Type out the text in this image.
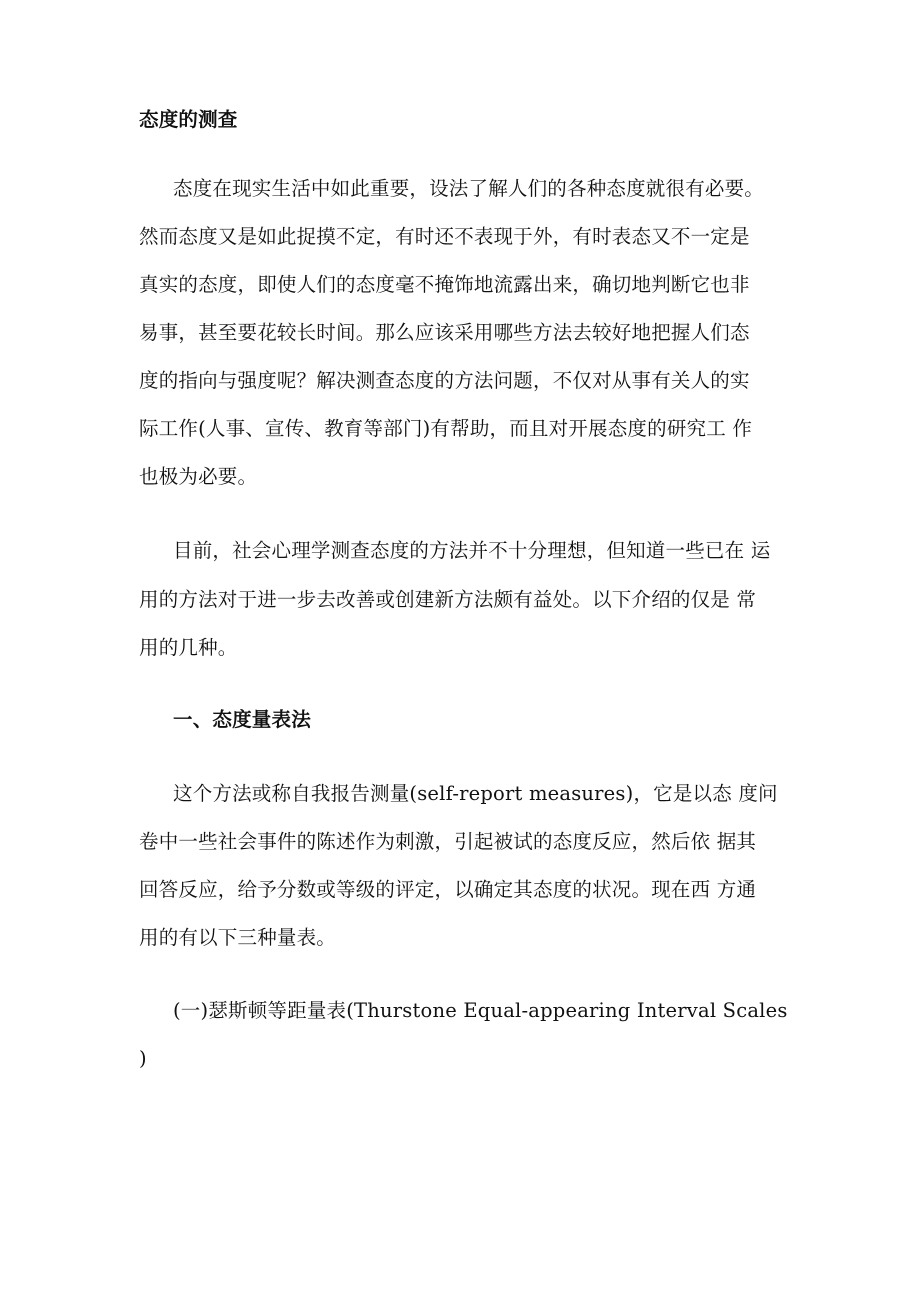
态度的测查
态度在现实生活中如此重要，设法了解人们的各种态度就很有必要。
然而态度又是如此捉摸不定，有时还不表现于外，有时表态又不一定是
真实的态度，即使人们的态度毫不掩饰地流露出来，确切地判断它也非
易事，甚至要花较长时间。那么应该采用哪些方法去较好地把握人们态
度的指向与强度呢？解决测查态度的方法问题，不仅对从事有关人的实
际工作(人事、宣传、教育等部门)有帮助，而且对开展态度的研究工 作
也极为必要。
目前，社会心理学测查态度的方法并不十分理想，但知道一些已在 运
用的方法对于进一步去改善或创建新方法颇有益处。以下介绍的仅是 常
用的几种。
一、态度量表法
这个方法或称自我报告测量(self-report measures)，它是以态 度问
卷中一些社会事件的陈述作为刺激，引起被试的态度反应，然后依 据其
回答反应，给予分数或等级的评定，以确定其态度的状况。现在西 方通
用的有以下三种量表。
(一)瑟斯顿等距量表(Thurstone Equal-appearing Interval Scales
)
